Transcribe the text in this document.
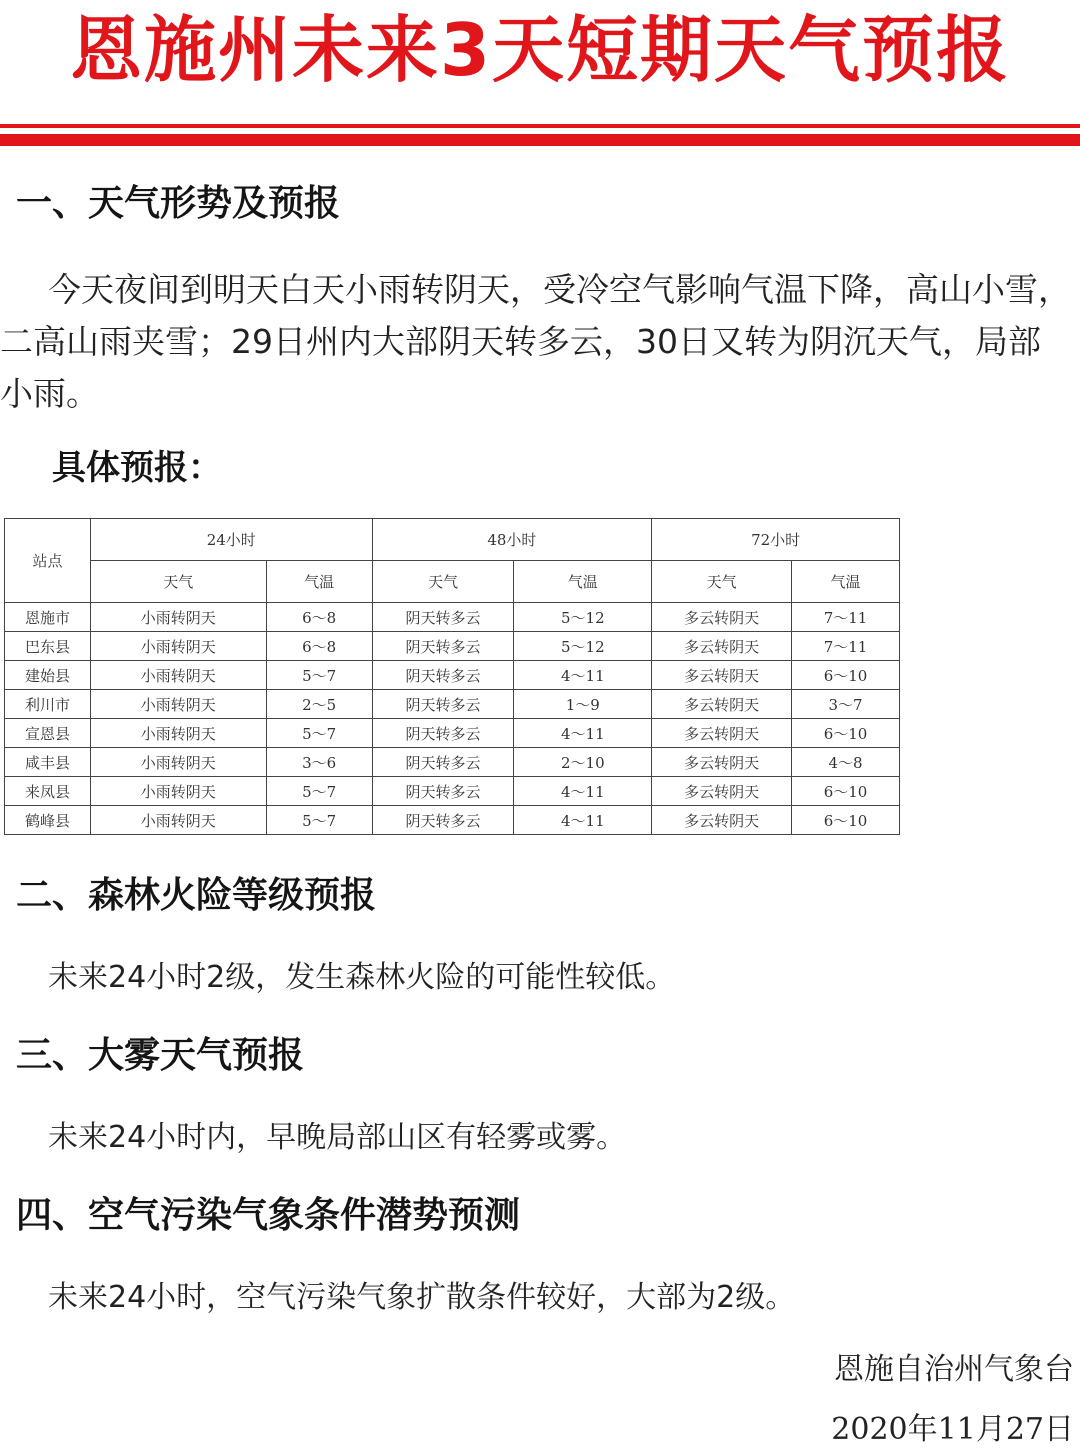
恩施州未来3天短期天气预报
一、天气形势及预报
今天夜间到明天白天小雨转阴天，受冷空气影响气温下降，高山小雪，二高山雨夹雪；29日州内大部阴天转多云，30日又转为阴沉天气，局部小雨。
具体预报：
站点	24小时		48小时		72小时	
	天气	气温	天气	气温	天气	气温
恩施市	小雨转阴天	6～8	阴天转多云	5～12	多云转阴天	7～11
巴东县	小雨转阴天	6～8	阴天转多云	5～12	多云转阴天	7～11
建始县	小雨转阴天	5～7	阴天转多云	4～11	多云转阴天	6～10
利川市	小雨转阴天	2～5	阴天转多云	1～9	多云转阴天	3～7
宣恩县	小雨转阴天	5～7	阴天转多云	4～11	多云转阴天	6～10
咸丰县	小雨转阴天	3～6	阴天转多云	2～10	多云转阴天	4～8
来凤县	小雨转阴天	5～7	阴天转多云	4～11	多云转阴天	6～10
鹤峰县	小雨转阴天	5～7	阴天转多云	4～11	多云转阴天	6～10
二、森林火险等级预报
未来24小时2级，发生森林火险的可能性较低。
三、大雾天气预报
未来24小时内，早晚局部山区有轻雾或雾。
四、空气污染气象条件潜势预测
未来24小时，空气污染气象扩散条件较好，大部为2级。
恩施自治州气象台
2020年11月27日
